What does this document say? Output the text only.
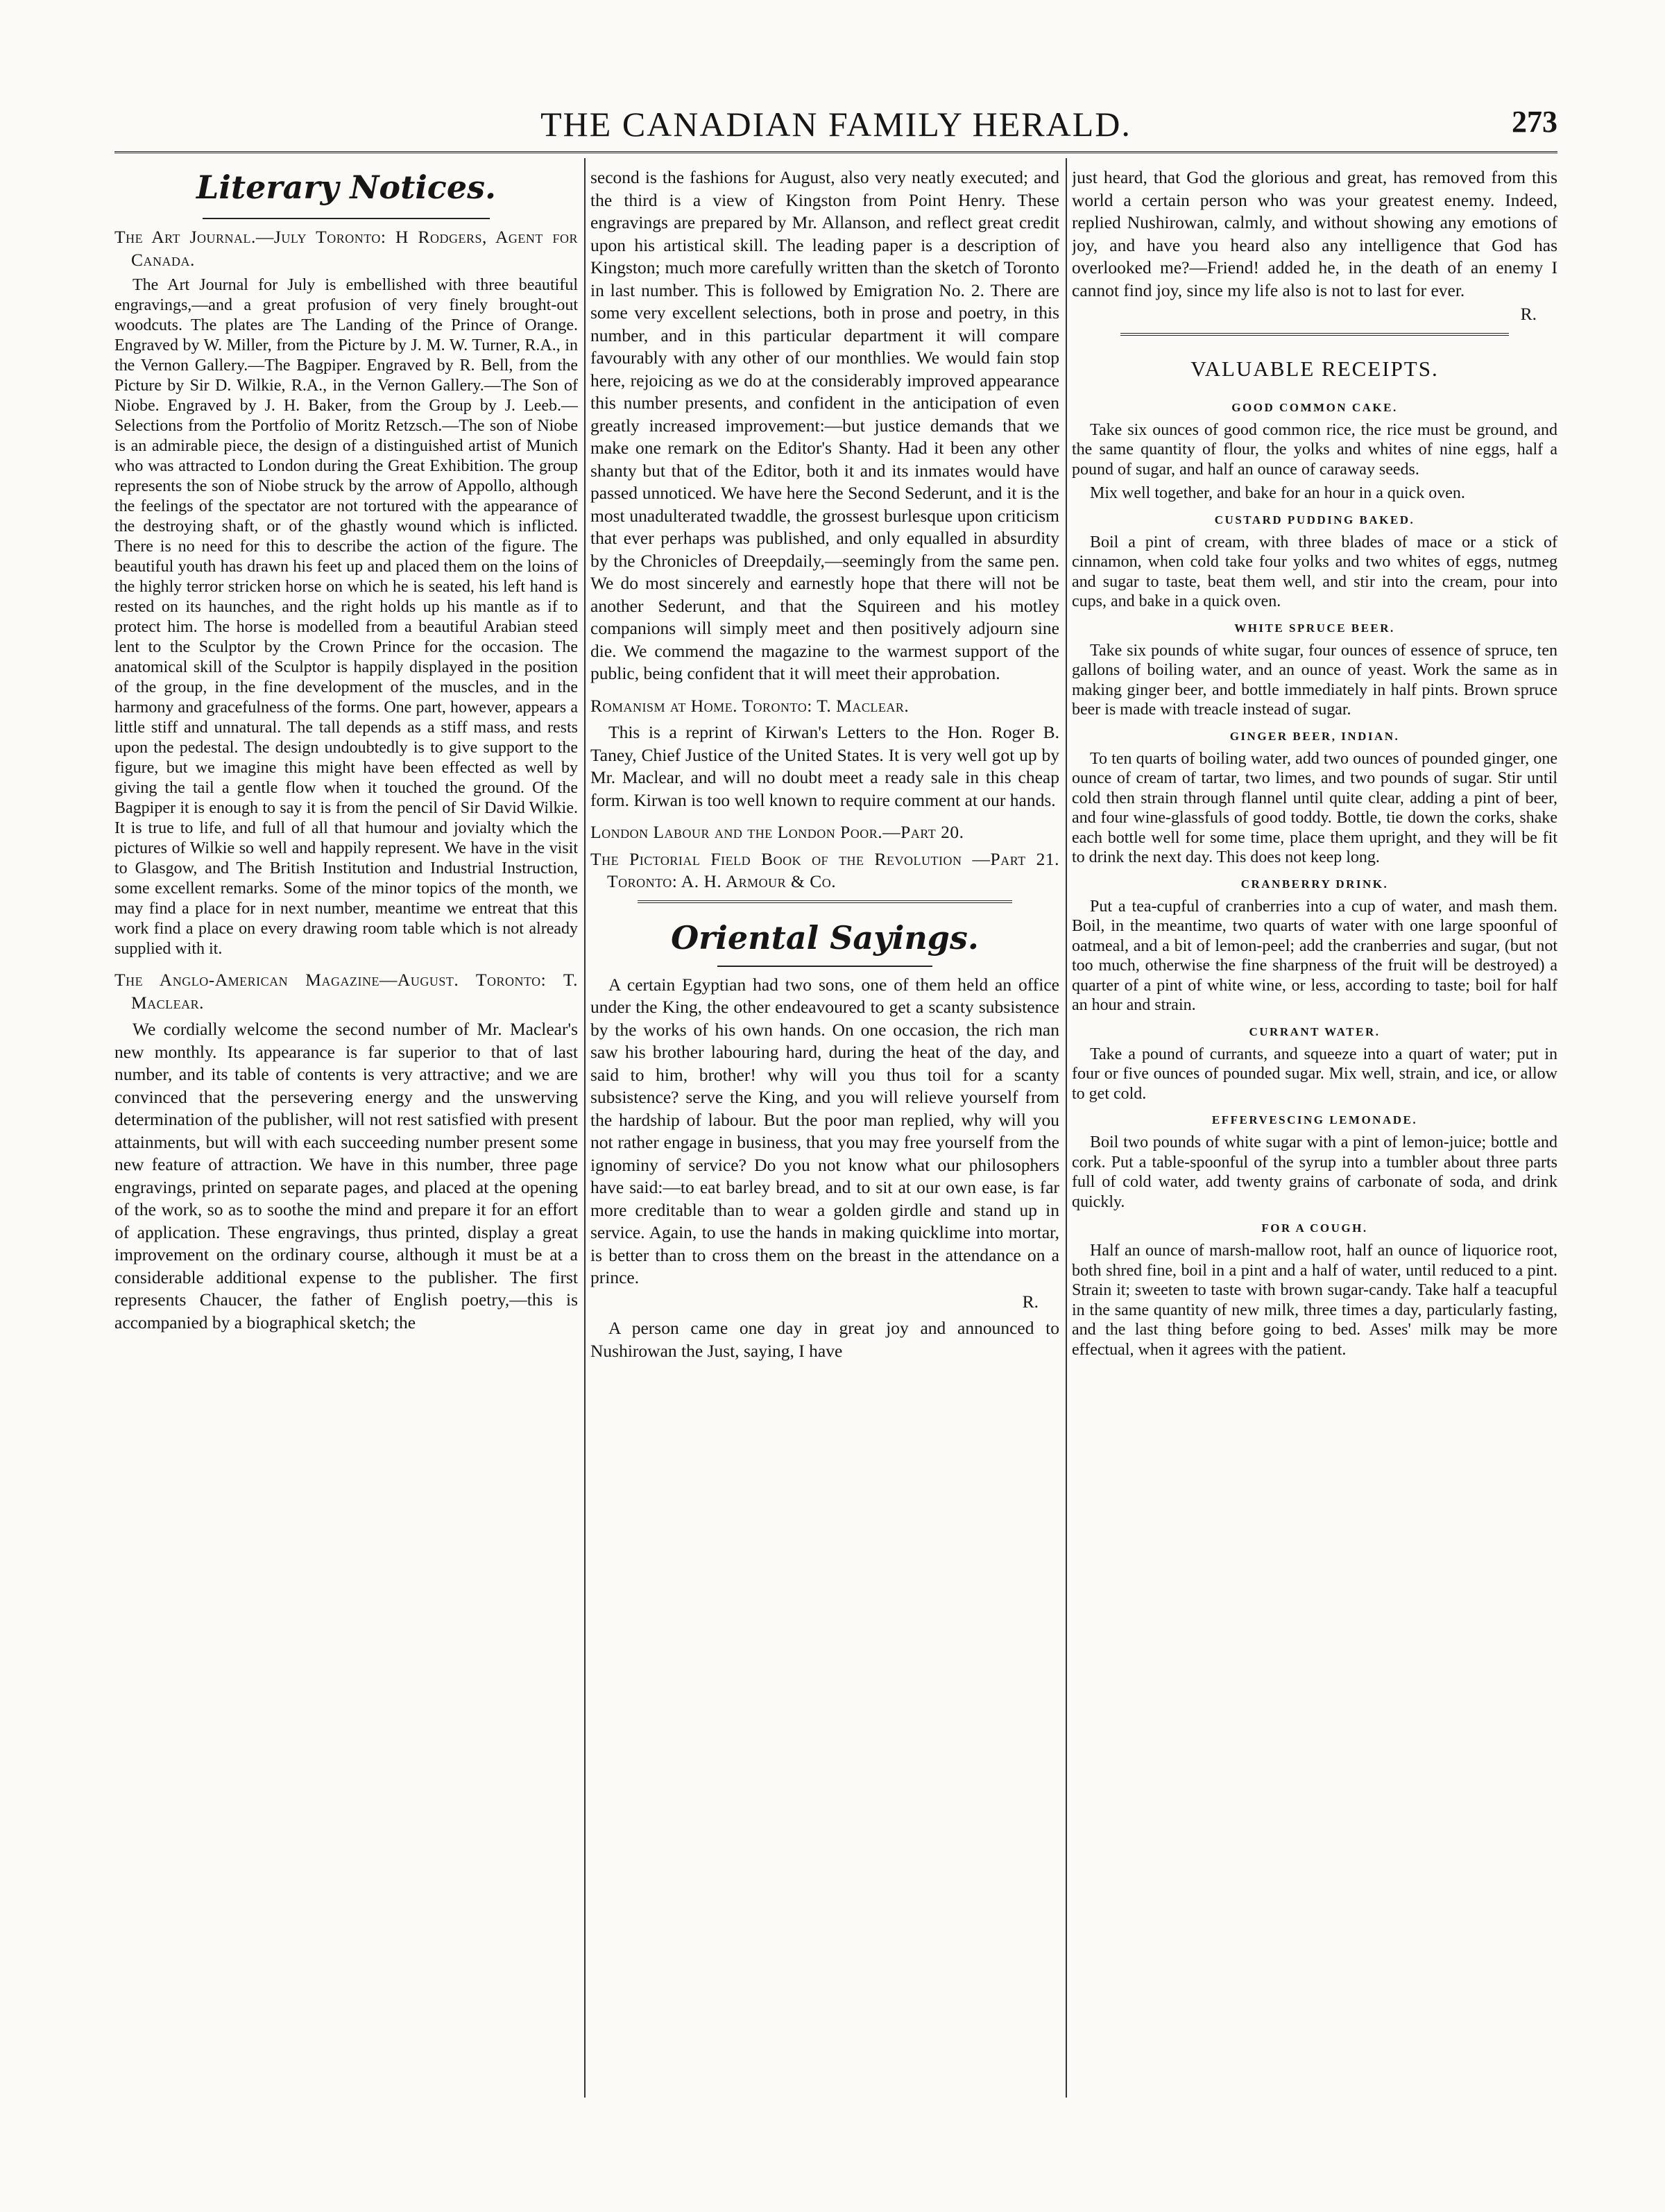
THE CANADIAN FAMILY HERALD.	273
Literary Notices.

The Art Journal.—July Toronto: H Rodgers, Agent for Canada.

The Art Journal for July is embellished with three beautiful engravings,—and a great profusion of very finely brought-out woodcuts. The plates are The Landing of the Prince of Orange. Engraved by W. Miller, from the Picture by J. M. W. Turner, R.A., in the Vernon Gallery.—The Bagpiper. Engraved by R. Bell, from the Picture by Sir D. Wilkie, R.A., in the Vernon Gallery.—The Son of Niobe. Engraved by J. H. Baker, from the Group by J. Leeb.—Selections from the Portfolio of Moritz Retzsch.—The son of Niobe is an admirable piece, the design of a distinguished artist of Munich who was attracted to London during the Great Exhibition. The group represents the son of Niobe struck by the arrow of Appollo, although the feelings of the spectator are not tortured with the appearance of the destroying shaft, or of the ghastly wound which is inflicted. There is no need for this to describe the action of the figure. The beautiful youth has drawn his feet up and placed them on the loins of the highly terror stricken horse on which he is seated, his left hand is rested on its haunches, and the right holds up his mantle as if to protect him. The horse is modelled from a beautiful Arabian steed lent to the Sculptor by the Crown Prince for the occasion. The anatomical skill of the Sculptor is happily displayed in the position of the group, in the fine development of the muscles, and in the harmony and gracefulness of the forms. One part, however, appears a little stiff and unnatural. The tall depends as a stiff mass, and rests upon the pedestal. The design undoubtedly is to give support to the figure, but we imagine this might have been effected as well by giving the tail a gentle flow when it touched the ground. Of the Bagpiper it is enough to say it is from the pencil of Sir David Wilkie. It is true to life, and full of all that humour and jovialty which the pictures of Wilkie so well and happily represent. We have in the visit to Glasgow, and The British Institution and Industrial Instruction, some excellent remarks. Some of the minor topics of the month, we may find a place for in next number, meantime we entreat that this work find a place on every drawing room table which is not already supplied with it.

The Anglo-American Magazine—August. Toronto: T. Maclear.

We cordially welcome the second number of Mr. Maclear's new monthly. Its appearance is far superior to that of last number, and its table of contents is very attractive; and we are convinced that the persevering energy and the unswerving determination of the publisher, will not rest satisfied with present attainments, but will with each succeeding number present some new feature of attraction. We have in this number, three page engravings, printed on separate pages, and placed at the opening of the work, so as to soothe the mind and prepare it for an effort of application. These engravings, thus printed, display a great improvement on the ordinary course, although it must be at a considerable additional expense to the publisher. The first represents Chaucer, the father of English poetry,—this is accompanied by a biographical sketch; the

second is the fashions for August, also very neatly executed; and the third is a view of Kingston from Point Henry. These engravings are prepared by Mr. Allanson, and reflect great credit upon his artistical skill. The leading paper is a description of Kingston; much more carefully written than the sketch of Toronto in last number. This is followed by Emigration No. 2. There are some very excellent selections, both in prose and poetry, in this number, and in this particular department it will compare favourably with any other of our monthlies. We would fain stop here, rejoicing as we do at the considerably improved appearance this number presents, and confident in the anticipation of even greatly increased improvement:—but justice demands that we make one remark on the Editor's Shanty. Had it been any other shanty but that of the Editor, both it and its inmates would have passed unnoticed. We have here the Second Sederunt, and it is the most unadulterated twaddle, the grossest burlesque upon criticism that ever perhaps was published, and only equalled in absurdity by the Chronicles of Dreepdaily,—seemingly from the same pen. We do most sincerely and earnestly hope that there will not be another Sederunt, and that the Squireen and his motley companions will simply meet and then positively adjourn sine die. We commend the magazine to the warmest support of the public, being confident that it will meet their approbation.

Romanism at Home. Toronto: T. Maclear.

This is a reprint of Kirwan's Letters to the Hon. Roger B. Taney, Chief Justice of the United States. It is very well got up by Mr. Maclear, and will no doubt meet a ready sale in this cheap form. Kirwan is too well known to require comment at our hands.

London Labour and the London Poor.—Part 20.

The Pictorial Field Book of the Revolution —Part 21. Toronto: A. H. Armour & Co.

Oriental Sayings.

A certain Egyptian had two sons, one of them held an office under the King, the other endeavoured to get a scanty subsistence by the works of his own hands. On one occasion, the rich man saw his brother labouring hard, during the heat of the day, and said to him, brother! why will you thus toil for a scanty subsistence? serve the King, and you will relieve yourself from the hardship of labour. But the poor man replied, why will you not rather engage in business, that you may free yourself from the ignominy of service? Do you not know what our philosophers have said:—to eat barley bread, and to sit at our own ease, is far more creditable than to wear a golden girdle and stand up in service. Again, to use the hands in making quicklime into mortar, is better than to cross them on the breast in the attendance on a prince.

R.

A person came one day in great joy and announced to Nushirowan the Just, saying, I have

just heard, that God the glorious and great, has removed from this world a certain person who was your greatest enemy. Indeed, replied Nushirowan, calmly, and without showing any emotions of joy, and have you heard also any intelligence that God has overlooked me?—Friend! added he, in the death of an enemy I cannot find joy, since my life also is not to last for ever.

R.

VALUABLE RECEIPTS.
GOOD COMMON CAKE.

Take six ounces of good common rice, the rice must be ground, and the same quantity of flour, the yolks and whites of nine eggs, half a pound of sugar, and half an ounce of caraway seeds.

Mix well together, and bake for an hour in a quick oven.

CUSTARD PUDDING BAKED.

Boil a pint of cream, with three blades of mace or a stick of cinnamon, when cold take four yolks and two whites of eggs, nutmeg and sugar to taste, beat them well, and stir into the cream, pour into cups, and bake in a quick oven.

WHITE SPRUCE BEER.

Take six pounds of white sugar, four ounces of essence of spruce, ten gallons of boiling water, and an ounce of yeast. Work the same as in making ginger beer, and bottle immediately in half pints. Brown spruce beer is made with treacle instead of sugar.

GINGER BEER, INDIAN.

To ten quarts of boiling water, add two ounces of pounded ginger, one ounce of cream of tartar, two limes, and two pounds of sugar. Stir until cold then strain through flannel until quite clear, adding a pint of beer, and four wine-glassfuls of good toddy. Bottle, tie down the corks, shake each bottle well for some time, place them upright, and they will be fit to drink the next day. This does not keep long.

CRANBERRY DRINK.

Put a tea-cupful of cranberries into a cup of water, and mash them. Boil, in the meantime, two quarts of water with one large spoonful of oatmeal, and a bit of lemon-peel; add the cranberries and sugar, (but not too much, otherwise the fine sharpness of the fruit will be destroyed) a quarter of a pint of white wine, or less, according to taste; boil for half an hour and strain.

CURRANT WATER.

Take a pound of currants, and squeeze into a quart of water; put in four or five ounces of pounded sugar. Mix well, strain, and ice, or allow to get cold.

EFFERVESCING LEMONADE.

Boil two pounds of white sugar with a pint of lemon-juice; bottle and cork. Put a table-spoonful of the syrup into a tumbler about three parts full of cold water, add twenty grains of carbonate of soda, and drink quickly.

FOR A COUGH.

Half an ounce of marsh-mallow root, half an ounce of liquorice root, both shred fine, boil in a pint and a half of water, until reduced to a pint. Strain it; sweeten to taste with brown sugar-candy. Take half a teacupful in the same quantity of new milk, three times a day, particularly fasting, and the last thing before going to bed. Asses' milk may be more effectual, when it agrees with the patient.
